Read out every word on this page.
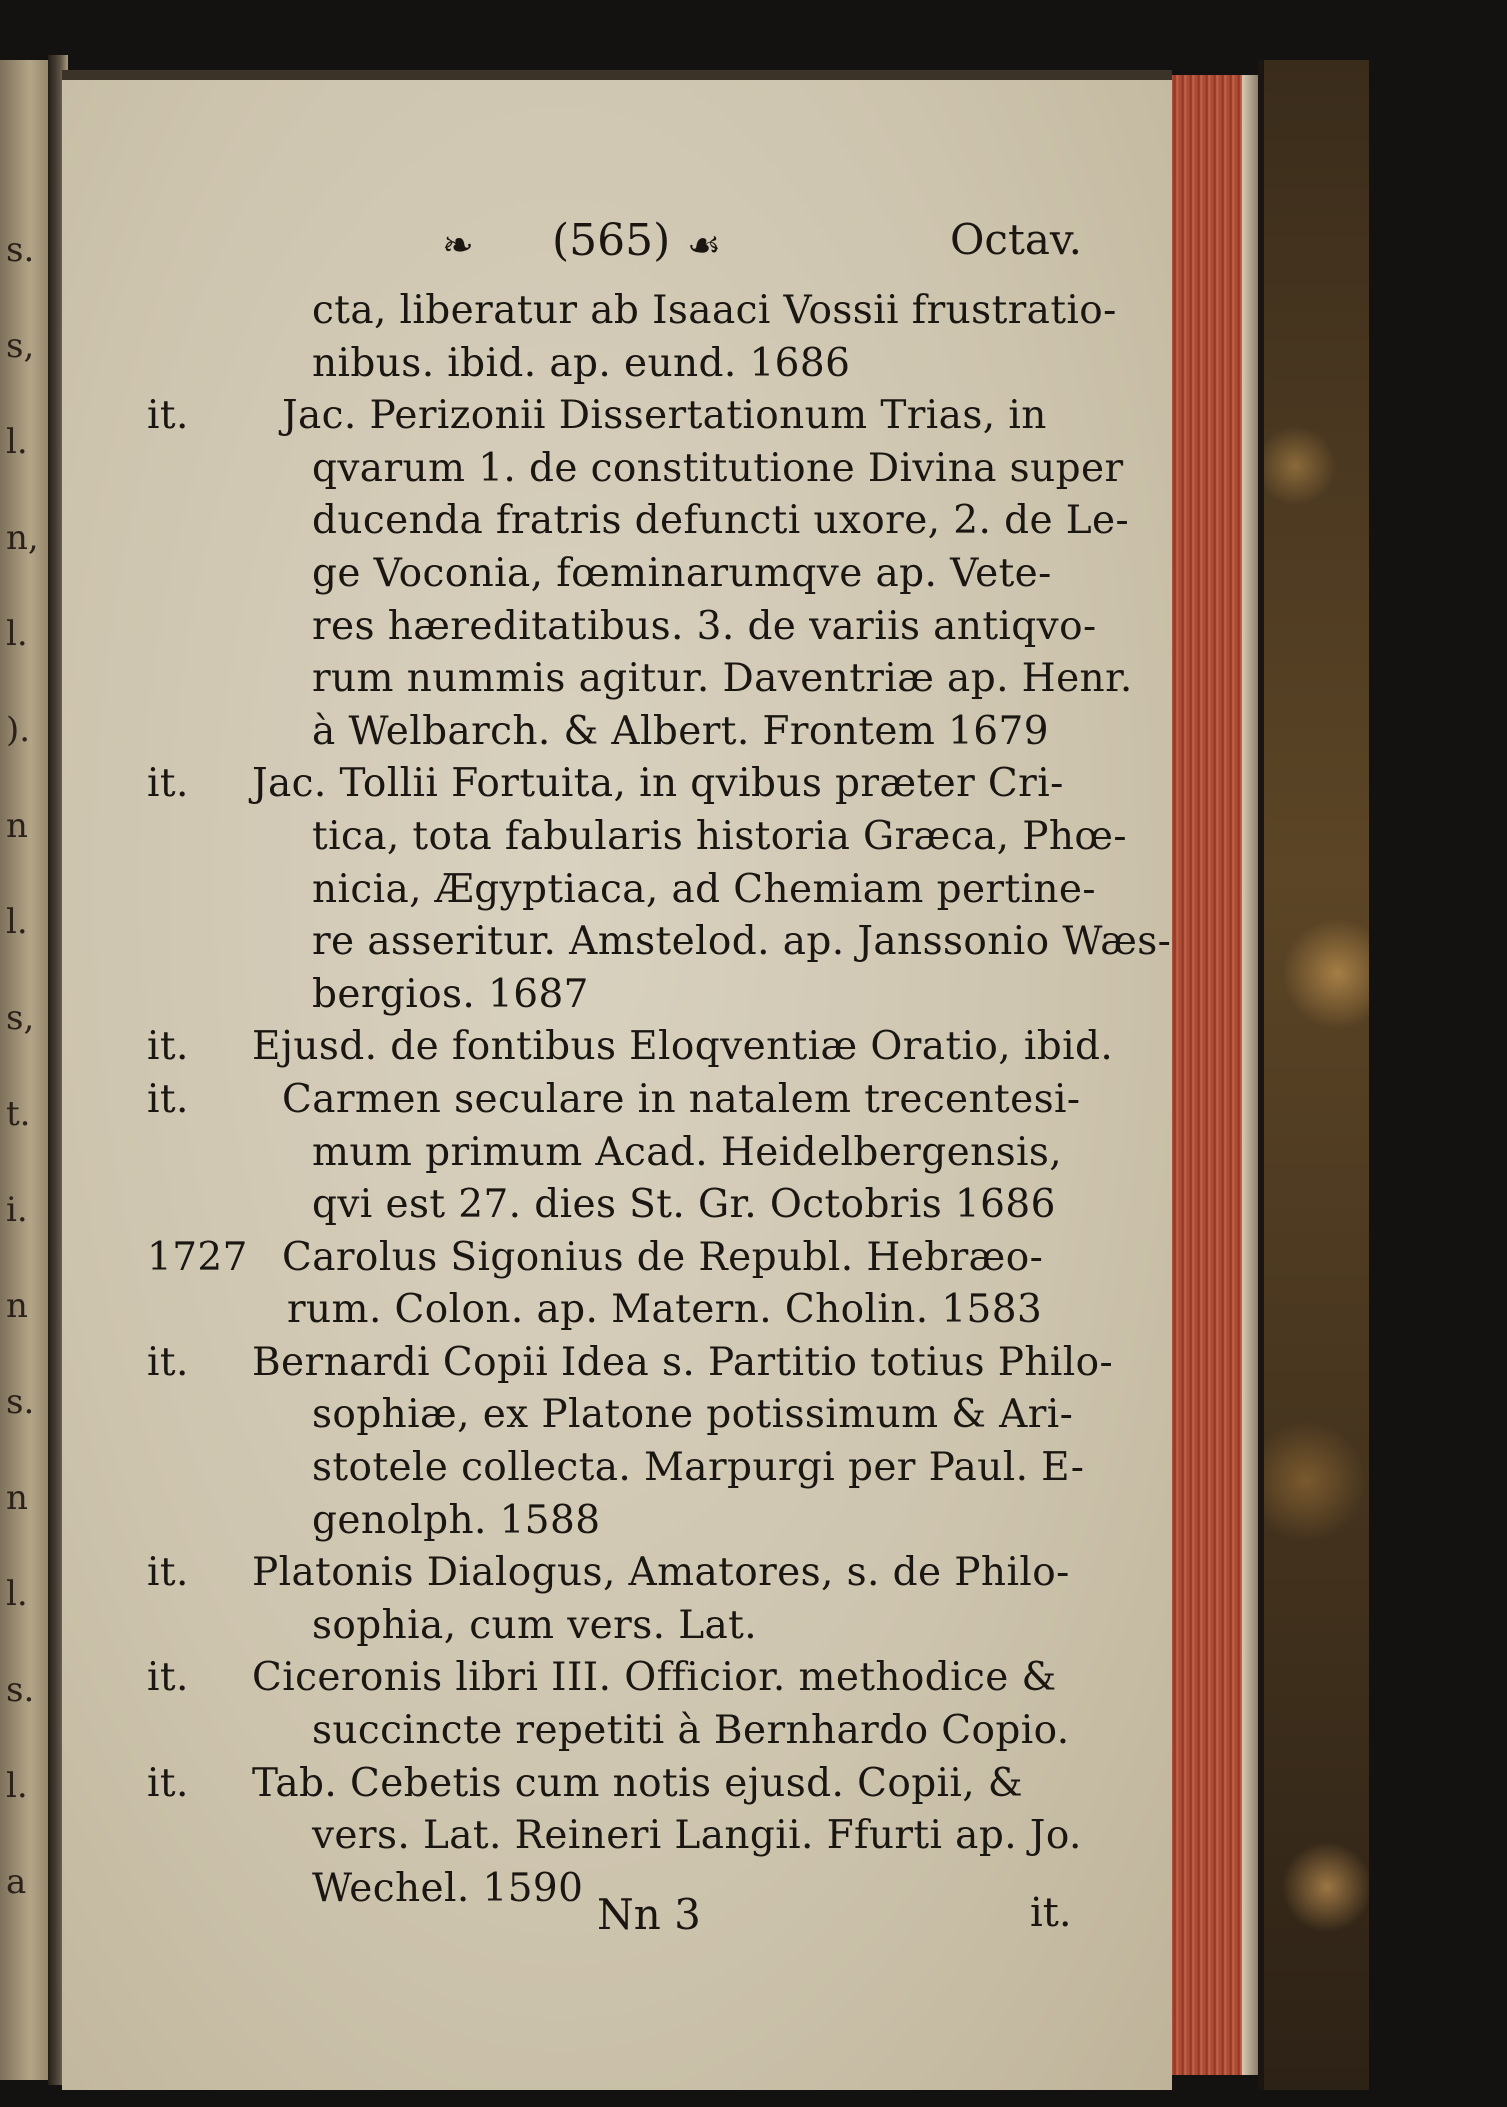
s.
s,
l.
n,
l.
).
n
l.
s,
t.
i.
n
s.
n
l.
s.
l.
a
❧ (565) ☙	Octav.
cta, liberatur ab Isaaci Vossii frustratio-
nibus. ibid. ap. eund. 1686
it. Jac. Perizonii Dissertationum Trias, in
qvarum 1. de constitutione Divina super
ducenda fratris defuncti uxore, 2. de Le-
ge Voconia, fœminarumqve ap. Vete-
res hæreditatibus. 3. de variis antiqvo-
rum nummis agitur. Daventriæ ap. Henr.
à Welbarch. & Albert. Frontem 1679
it. Jac. Tollii Fortuita, in qvibus præter Cri-
tica, tota fabularis historia Græca, Phœ-
nicia, Ægyptiaca, ad Chemiam pertine-
re asseritur. Amstelod. ap. Janssonio Wæs-
bergios. 1687
it. Ejusd. de fontibus Eloqventiæ Oratio, ibid.
it. Carmen seculare in natalem trecentesi-
mum primum Acad. Heidelbergensis,
qvi est 27. dies St. Gr. Octobris 1686
1727 Carolus Sigonius de Republ. Hebræo-
rum. Colon. ap. Matern. Cholin. 1583
it. Bernardi Copii Idea s. Partitio totius Philo-
sophiæ, ex Platone potissimum & Ari-
stotele collecta. Marpurgi per Paul. E-
genolph. 1588
it. Platonis Dialogus, Amatores, s. de Philo-
sophia, cum vers. Lat.
it. Ciceronis libri III. Officior. methodice &
succincte repetiti à Bernhardo Copio.
it. Tab. Cebetis cum notis ejusd. Copii, &
vers. Lat. Reineri Langii. Ffurti ap. Jo.
Wechel. 1590
Nn 3	it.
